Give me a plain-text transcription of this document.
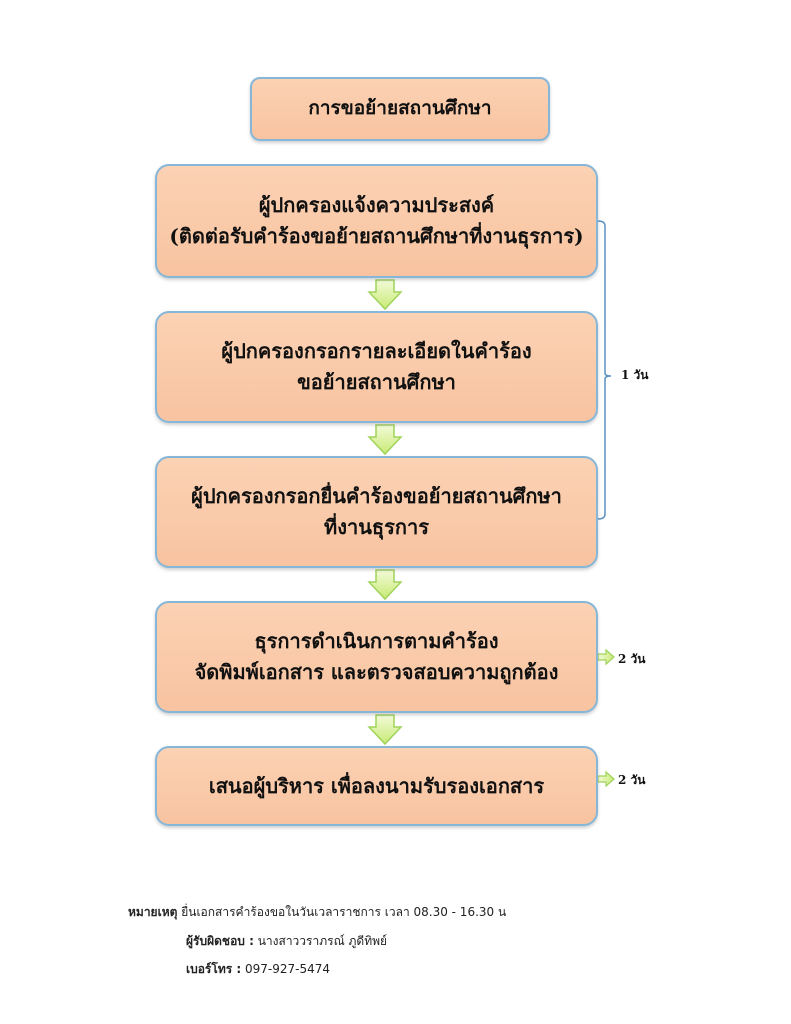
การขอย้ายสถานศึกษา
ผู้ปกครองแจ้งความประสงค์
(ติดต่อรับคำร้องขอย้ายสถานศึกษาที่งานธุรการ)
ผู้ปกครองกรอกรายละเอียดในคำร้อง
ขอย้ายสถานศึกษา
ผู้ปกครองกรอกยื่นคำร้องขอย้ายสถานศึกษา
ที่งานธุรการ
ธุรการดำเนินการตามคำร้อง
จัดพิมพ์เอกสาร และตรวจสอบความถูกต้อง
เสนอผู้บริหาร เพื่อลงนามรับรองเอกสาร
1 วัน
2 วัน
2 วัน
หมายเหตุ ยื่นเอกสารคำร้องขอในวันเวลาราชการ เวลา 08.30 - 16.30 น
ผู้รับผิดชอบ : นางสาววราภรณ์ ภูดีทิพย์
เบอร์โทร : 097-927-5474
